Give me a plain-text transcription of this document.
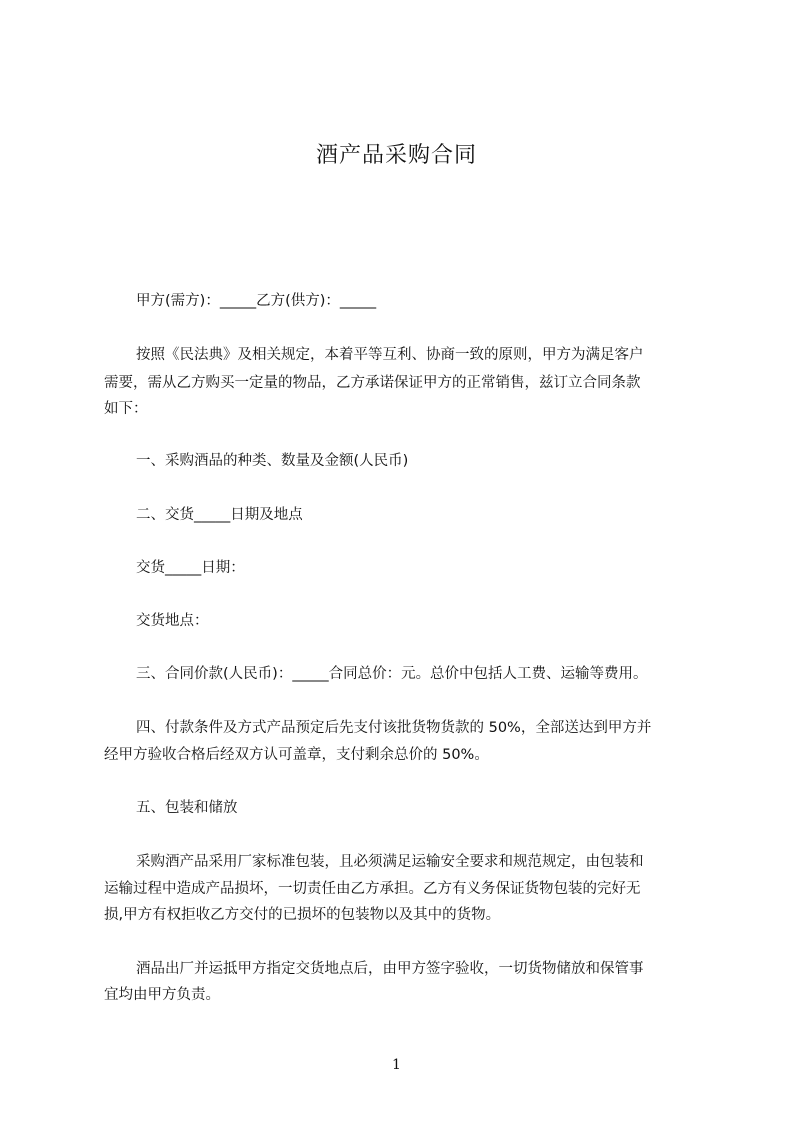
酒产品采购合同
甲方(需方)：_____乙方(供方)：_____
按照《民法典》及相关规定，本着平等互利、协商一致的原则，甲方为满足客户
需要，需从乙方购买一定量的物品，乙方承诺保证甲方的正常销售，兹订立合同条款
如下：
一、采购酒品的种类、数量及金额(人民币)
二、交货_____日期及地点
交货_____日期：
交货地点：
三、合同价款(人民币)：_____合同总价：元。总价中包括人工费、运输等费用。
四、付款条件及方式产品预定后先支付该批货物货款的 50%，全部送达到甲方并
经甲方验收合格后经双方认可盖章，支付剩余总价的 50%。
五、包装和储放
采购酒产品采用厂家标准包装，且必须满足运输安全要求和规范规定，由包装和
运输过程中造成产品损坏，一切责任由乙方承担。乙方有义务保证货物包装的完好无
损,甲方有权拒收乙方交付的已损坏的包装物以及其中的货物。
酒品出厂并运抵甲方指定交货地点后，由甲方签字验收，一切货物储放和保管事
宜均由甲方负责。
1
